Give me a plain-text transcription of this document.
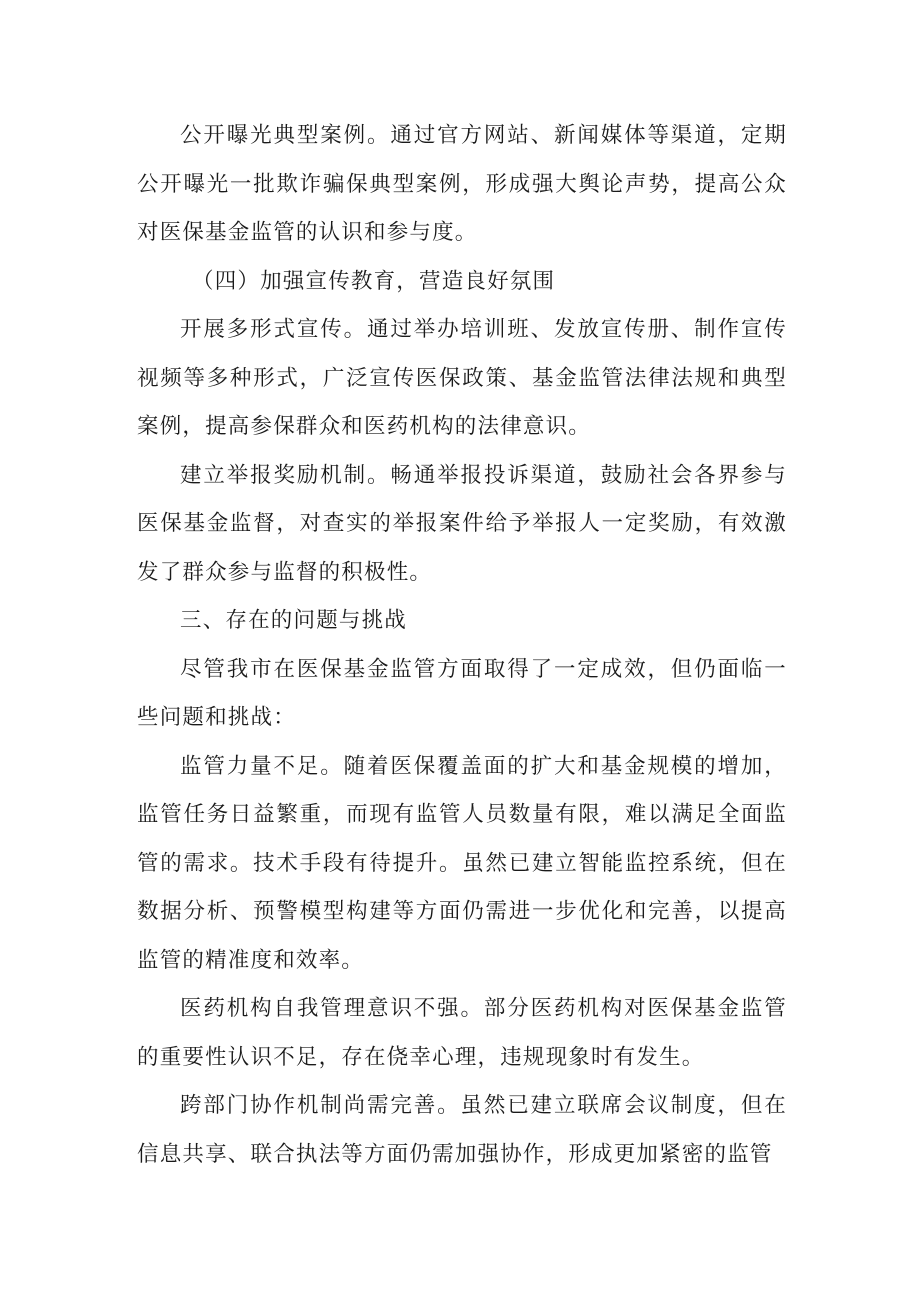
公开曝光典型案例。通过官方网站、新闻媒体等渠道，定期公开曝光一批欺诈骗保典型案例，形成强大舆论声势，提高公众对医保基金监管的认识和参与度。

（四）加强宣传教育，营造良好氛围

开展多形式宣传。通过举办培训班、发放宣传册、制作宣传视频等多种形式，广泛宣传医保政策、基金监管法律法规和典型案例，提高参保群众和医药机构的法律意识。

建立举报奖励机制。畅通举报投诉渠道，鼓励社会各界参与医保基金监督，对查实的举报案件给予举报人一定奖励，有效激发了群众参与监督的积极性。

三、存在的问题与挑战

尽管我市在医保基金监管方面取得了一定成效，但仍面临一些问题和挑战：

监管力量不足。随着医保覆盖面的扩大和基金规模的增加，监管任务日益繁重，而现有监管人员数量有限，难以满足全面监管的需求。技术手段有待提升。虽然已建立智能监控系统，但在数据分析、预警模型构建等方面仍需进一步优化和完善，以提高监管的精准度和效率。

医药机构自我管理意识不强。部分医药机构对医保基金监管的重要性认识不足，存在侥幸心理，违规现象时有发生。

跨部门协作机制尚需完善。虽然已建立联席会议制度，但在信息共享、联合执法等方面仍需加强协作，形成更加紧密的监管
